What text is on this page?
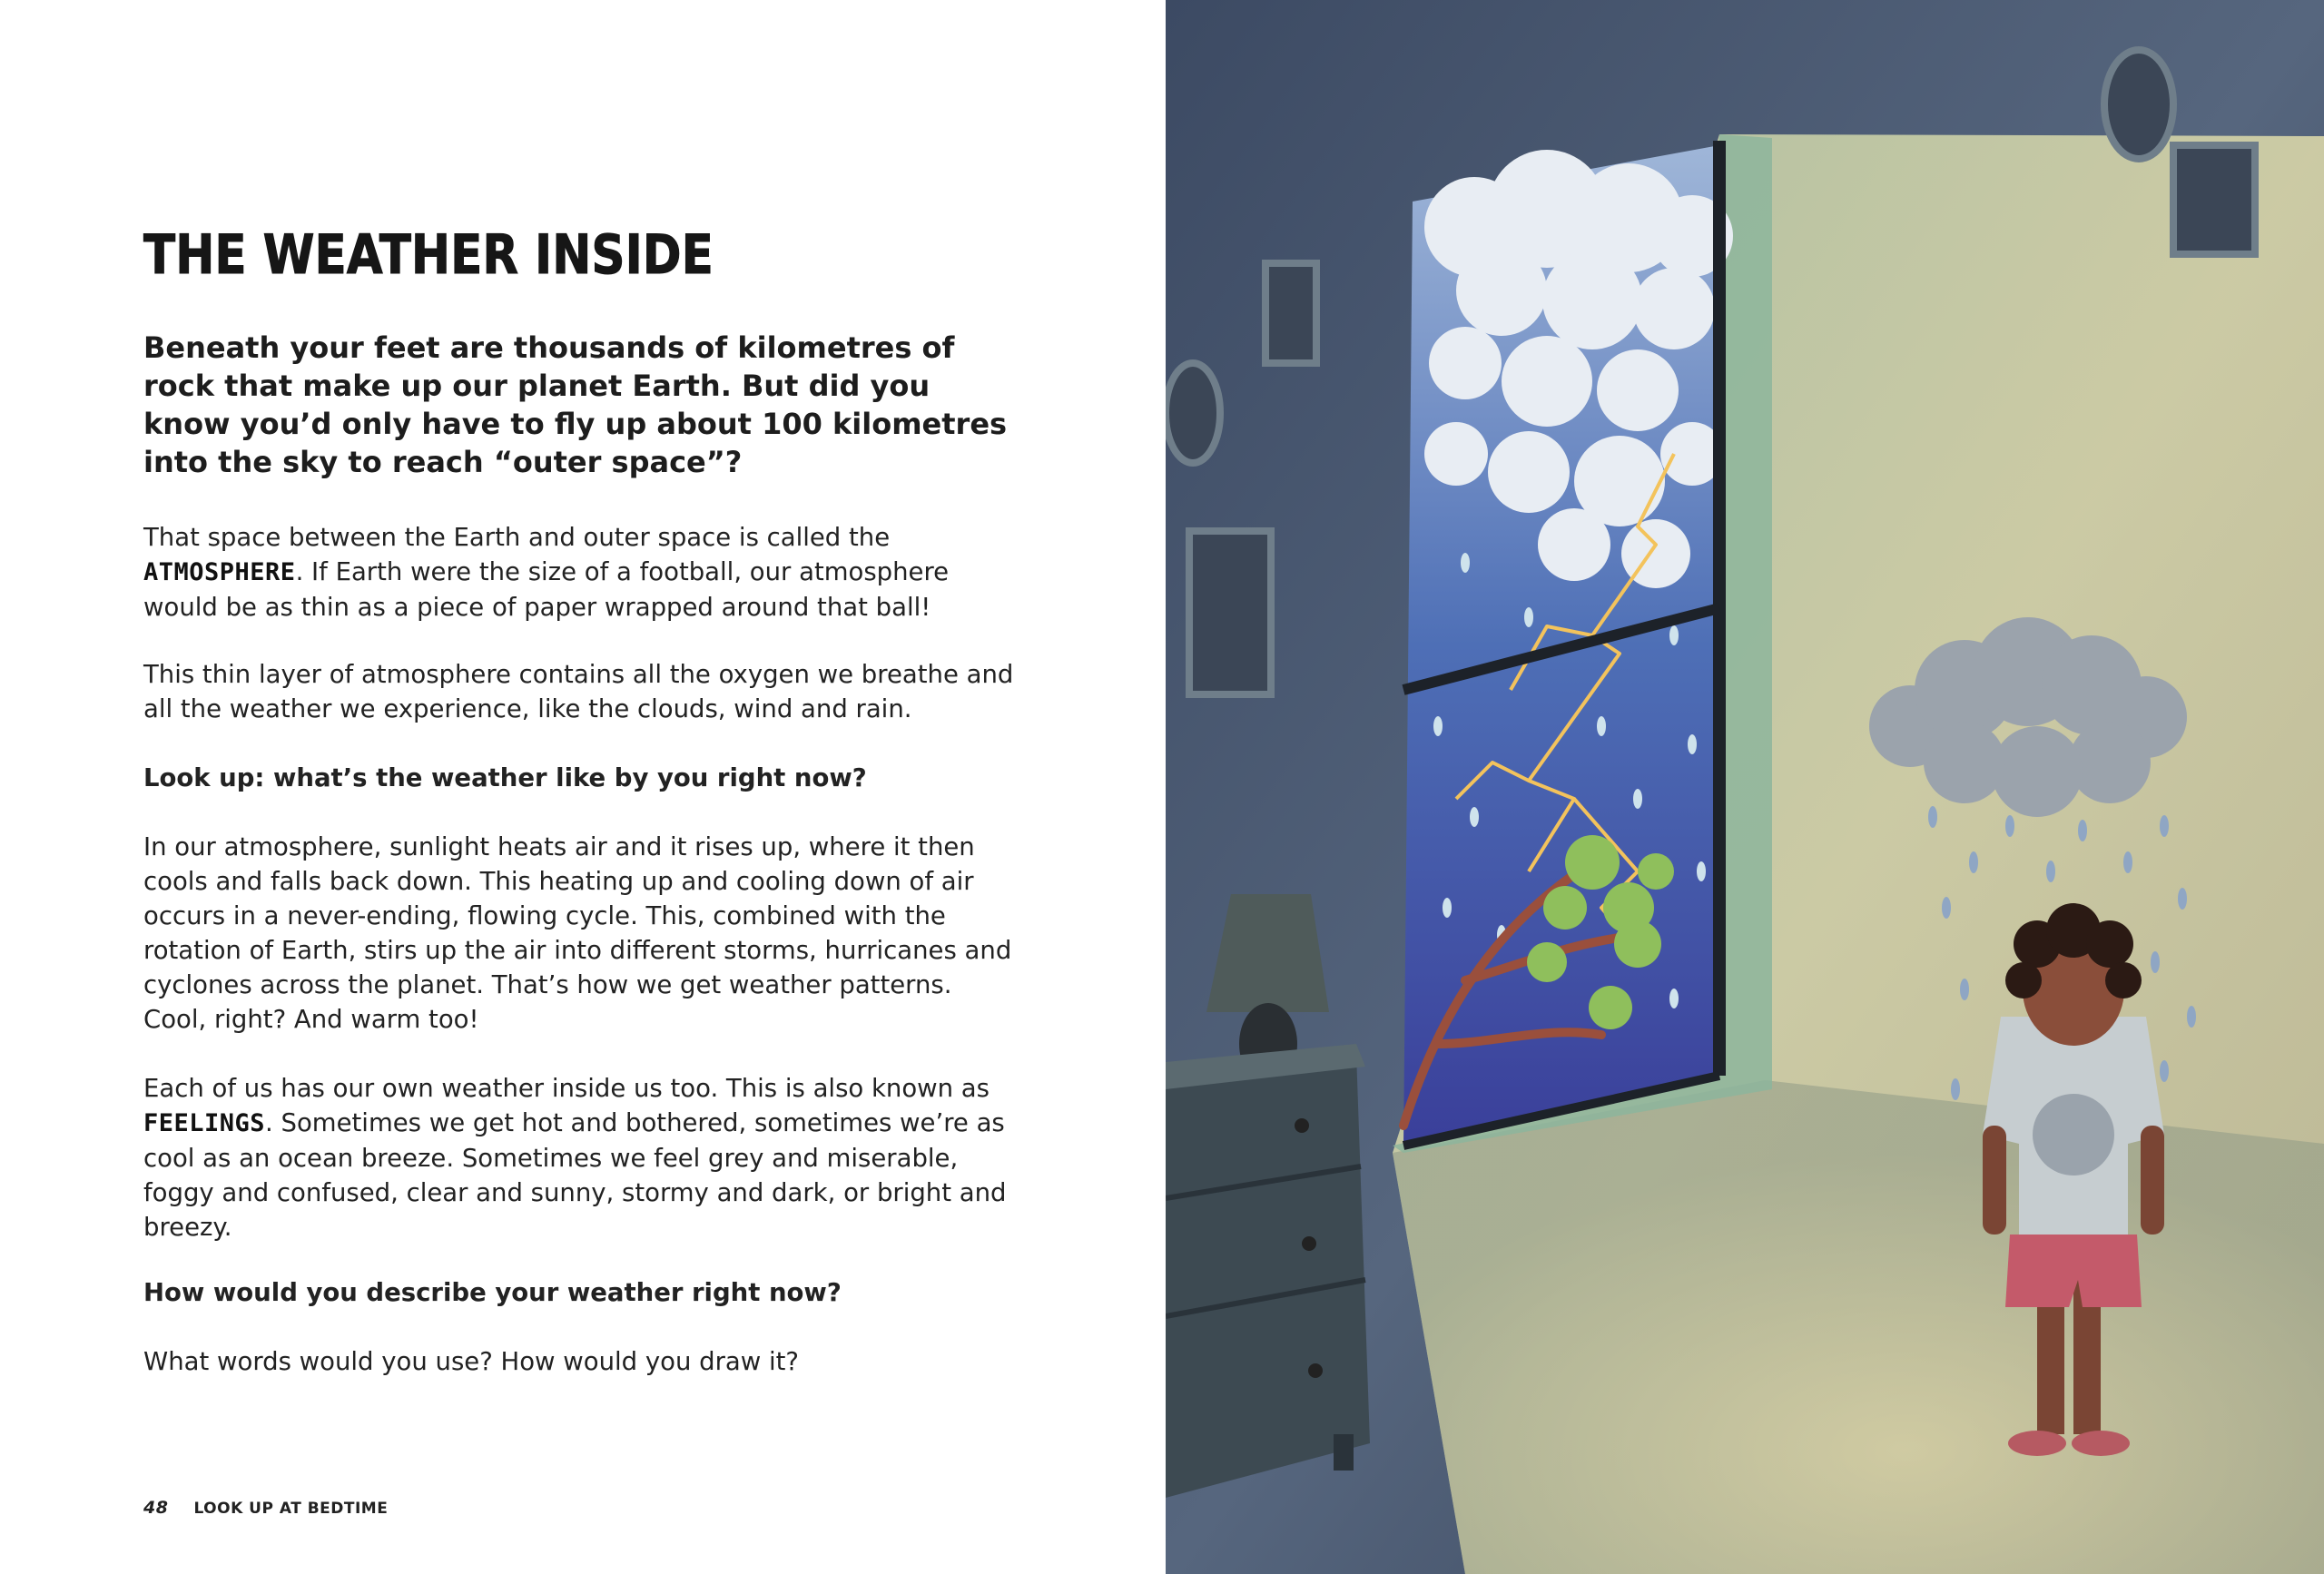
THE WEATHER INSIDE

Beneath your feet are thousands of kilometres of rock that make up our planet Earth. But did you know you’d only have to fly up about 100 kilometres into the sky to reach “outer space”?

That space between the Earth and outer space is called the ATMOSPHERE. If Earth were the size of a football, our atmosphere would be as thin as a piece of paper wrapped around that ball!

This thin layer of atmosphere contains all the oxygen we breathe and all the weather we experience, like the clouds, wind and rain.

Look up: what’s the weather like by you right now?

In our atmosphere, sunlight heats air and it rises up, where it then cools and falls back down. This heating up and cooling down of air occurs in a never-ending, flowing cycle. This, combined with the rotation of Earth, stirs up the air into different storms, hurricanes and cyclones across the planet. That’s how we get weather patterns. Cool, right? And warm too!

Each of us has our own weather inside us too. This is also known as FEELINGS. Sometimes we get hot and bothered, sometimes we’re as cool as an ocean breeze. Sometimes we feel grey and miserable, foggy and confused, clear and sunny, stormy and dark, or bright and breezy.

How would you describe your weather right now?

What words would you use? How would you draw it?

48 LOOK UP AT BEDTIME
